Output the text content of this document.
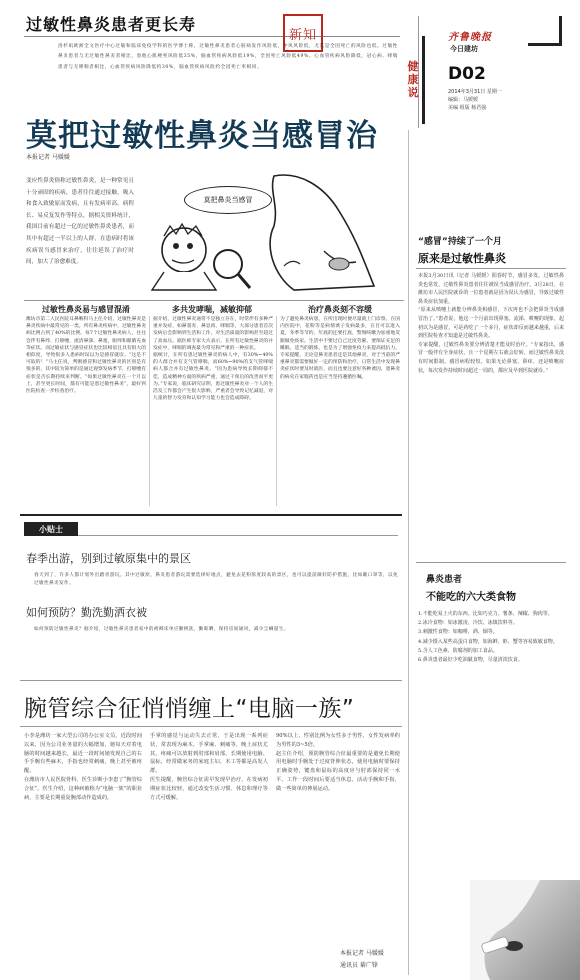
过敏性鼻炎患者更长寿
新知
洛杉矶欧洲全文医疗中心过敏和临床免疫学科的医学博士称，过敏性鼻炎患者心脏病发作风险低，中风风险低，尤其是全因死亡的风险也低。过敏性鼻炎患者与无过敏性鼻炎者相比，患他心肌梗死风险低35%，脑血管疾病风险低19%，全因死亡风险低49%。心血管疾病风险降低，冠心病、哮喘患者与无哮喘者相比，心血管疾病风险降低约30%，脑血管疾病风险约全因死亡率相同。	健康说
齐鲁晚报
今日建坊
D02
2014年3月31日 星期一
编辑：马媛媛
美编 组版 杨君强
莫把过敏性鼻炎当感冒治
本报记者 马媛媛
莫把鼻炎当感冒
变应性鼻炎俗称过敏性鼻炎，是一种常见且十分顽固的疾病，患者往往通过接触、吸入和食入致敏原而发病，且有发病率高、病程长、易反复发作等特点。据相关资料统计，我国目前有超过一亿的过敏性鼻炎患者，而其中有超过一半以上的人群，在患病时将该疾病误当感冒来治疗，往往延误了治疗时间，加大了治愈难度。
过敏性鼻炎易与感冒混淆	多共发哮喘，减敏抑郁	治疗鼻炎刻不容缓
潍坊市第二人民医院耳鼻喉科马主任介绍，过敏性鼻炎是鼻炎疾病中最常见的一类。所有鼻炎疾病中，过敏性鼻炎病比例占到了40%的比例。每7个过敏性鼻炎病人，往往会伴有鼻痒、打喷嚏、流清鼻涕、鼻塞，眼痒和眼睛充血等症状。而过敏症状与感冒症状也比较相似且具有很大的相似度，导致很多人患病时误以为是感冒就诊。“这是不可取的！”马主任说，判断感冒和过敏性鼻炎的区别是有很多的，其中较为简单的是通过观察发病季节，打喷嚏有症状是否长期持续来判断。“如果过敏性鼻炎在一个月以上，甚至更长时间，都有可能是患过敏性鼻炎”，最好到医院检查一步检查治疗。
据介绍，过敏性鼻炎通常不是独立存在，时常伴有多种严重并发症，如鼻窦炎、鼻息肉、哮喘等，大部分患者首次发病后会影响到生活和工作，对生活质量的影响甚至超过了高血压。据医师专家大夫表示，在所有过敏性鼻炎的并发症中，哮喘的调查最为常见和严重的一种症状。
据统计，在所有患过敏性鼻炎的病人中，有30%~40%的人群合并有支气管哮喘，而60%~90%的支气管哮喘病人都合并有过敏性鼻炎。“因为患病导致长期抑郁不佳，造成精神方面的疾病严重，通过干预后的改善而平更为。”专家说，临床研究证明，患过敏性鼻炎对一个人的生活及工作都会产生很大影响，严重者会导致记忆减退，对儿童的智力发育和认知学习能力也会造成障碍。
为了避免鼻炎病患，在所出现时便尽量就上门诊察。在国内医院中，花粉等是病情诱子发病最多，在目可以进入夏，冬季等节约、年底的还要打底，警惕咳嗽为加重地反跟做免疫家。生活中不要过自己过度劳累，要保证充足的睡眠。适当的锻炼，也是为了增强免疫力来提高抵抗力。
专家提醒，无论是鼻炎患者还是其他鼻炎，对于当前的严重鼻炎都需要做好一定的预防和治疗，日常生活中发现鼻炎症状时要及时就医，而且也要注意好各种诱因，患鼻炎的病史在家服药也是应当坚持遵循医嘱。
小贴士
春季出游，别到过敏原集中的景区
春天到了，许多人都计划外出踏青游玩。其中过敏原，鼻炎患者游玩需要选择好地点，避免去花粉浓度较高的景区，也可以提前做好防护措施，比如戴口罩等，以免过敏性鼻炎发作。
如何预防？勤洗勤洒衣被
如何预防过敏性鼻炎？据介绍，过敏性鼻炎患者家中的被褥床单应勤换洗，勤晾晒，保持房间通风，减少尘螨滋生。
腕管综合征悄悄缠上“电脑一族”
小李是潍坊一家大型公司的办公室文员，近段时间以来，因为公司业务量的大幅增加，她每天对着电脑的时间越来越长，最近一段时间她发现自己的右手手腕有些麻木，手指也经常刺痛，晚上甚至被疼醒。
在潍坊市人民医院骨科，医生诊断小李患了“腕管综合征”。医生介绍，这种病被称为“电脑一族”的职业病，主要是长期重复腕部动作造成的。
手掌的感觉与运动失去正常，于是出现一系列症状，常表现为麻木，手掌麻、刺痛等，晚上症状尤其，疼痛可以放射到肘部和肩部。长期使用电脑、鼠标，经常做家务的家庭主妇、木工等都是高发人群。
医生提醒，腕管综合征需早发现早治疗，在发病初期症状比较轻，通过改变生活习惯、休息和理疗等方式可缓解。
90%以上，性别比例为女性多于男性，女性发病率约为男性的3~5倍。
赵主任介绍，预防腕管综合征最重要的是避免长期使用电脑时手腕处于过度背伸状态，使用电脑时要保持正确姿势，键盘和鼠标的高度应与肘部保持同一水平。工作一段时间后要适当休息，活动手腕和手指，做一些简单的伸展运动。
本报记者 马媛媛
通讯员 綦广锋
“感冒”持续了一个月
原来是过敏性鼻炎
本报3月30日讯（记者 马媛媛）阳春时节，感冒多发。过敏性鼻炎也常发，过敏性鼻炎患者往往被误当成感冒治疗。3月28日，在潍坊市人民医院就诊的一位患者就是因为误认为感冒，导致过敏性鼻炎症状加重。
“原来从喷嚏上就能分辨鼻炎和感冒，下次再也不会把鼻炎当成感冒治了。”患者说，他这一个月前出现鼻塞、流涕、喷嚏的现象，起初以为是感冒，可是药吃了一个多月，症状却反而越来越重，后来到医院检查才知道是过敏性鼻炎。
专家提醒，过敏性鼻炎要分辨清楚才能及时治疗。“专家指出，感冒一般伴有全身症状，且一个星期左右就会好转，而过敏性鼻炎没有时间限制。感冒病程较短。如果无论鼻塞、鼻痒、还是喷嚏症状，每次发作持续时间超过一周的，都应及早到医院就诊。”
鼻炎患者
不能吃的六大类食物
1.不能吃易上火的东西。比如巧克力、薯条、辣椒、狗肉等。
2.冰冷食物：如冰激凌、冷饮、冰镇饮料等。
3.刺激性食物：如咖啡、酒、烟等。
4.减少摄入某些高蛋白食物，如海鲜、虾、蟹等容易致敏食物。
5.含人工色素、防腐剂的加工食品。
6.鼻炎患者最好少吃油腻食物，尽量清淡饮食。
